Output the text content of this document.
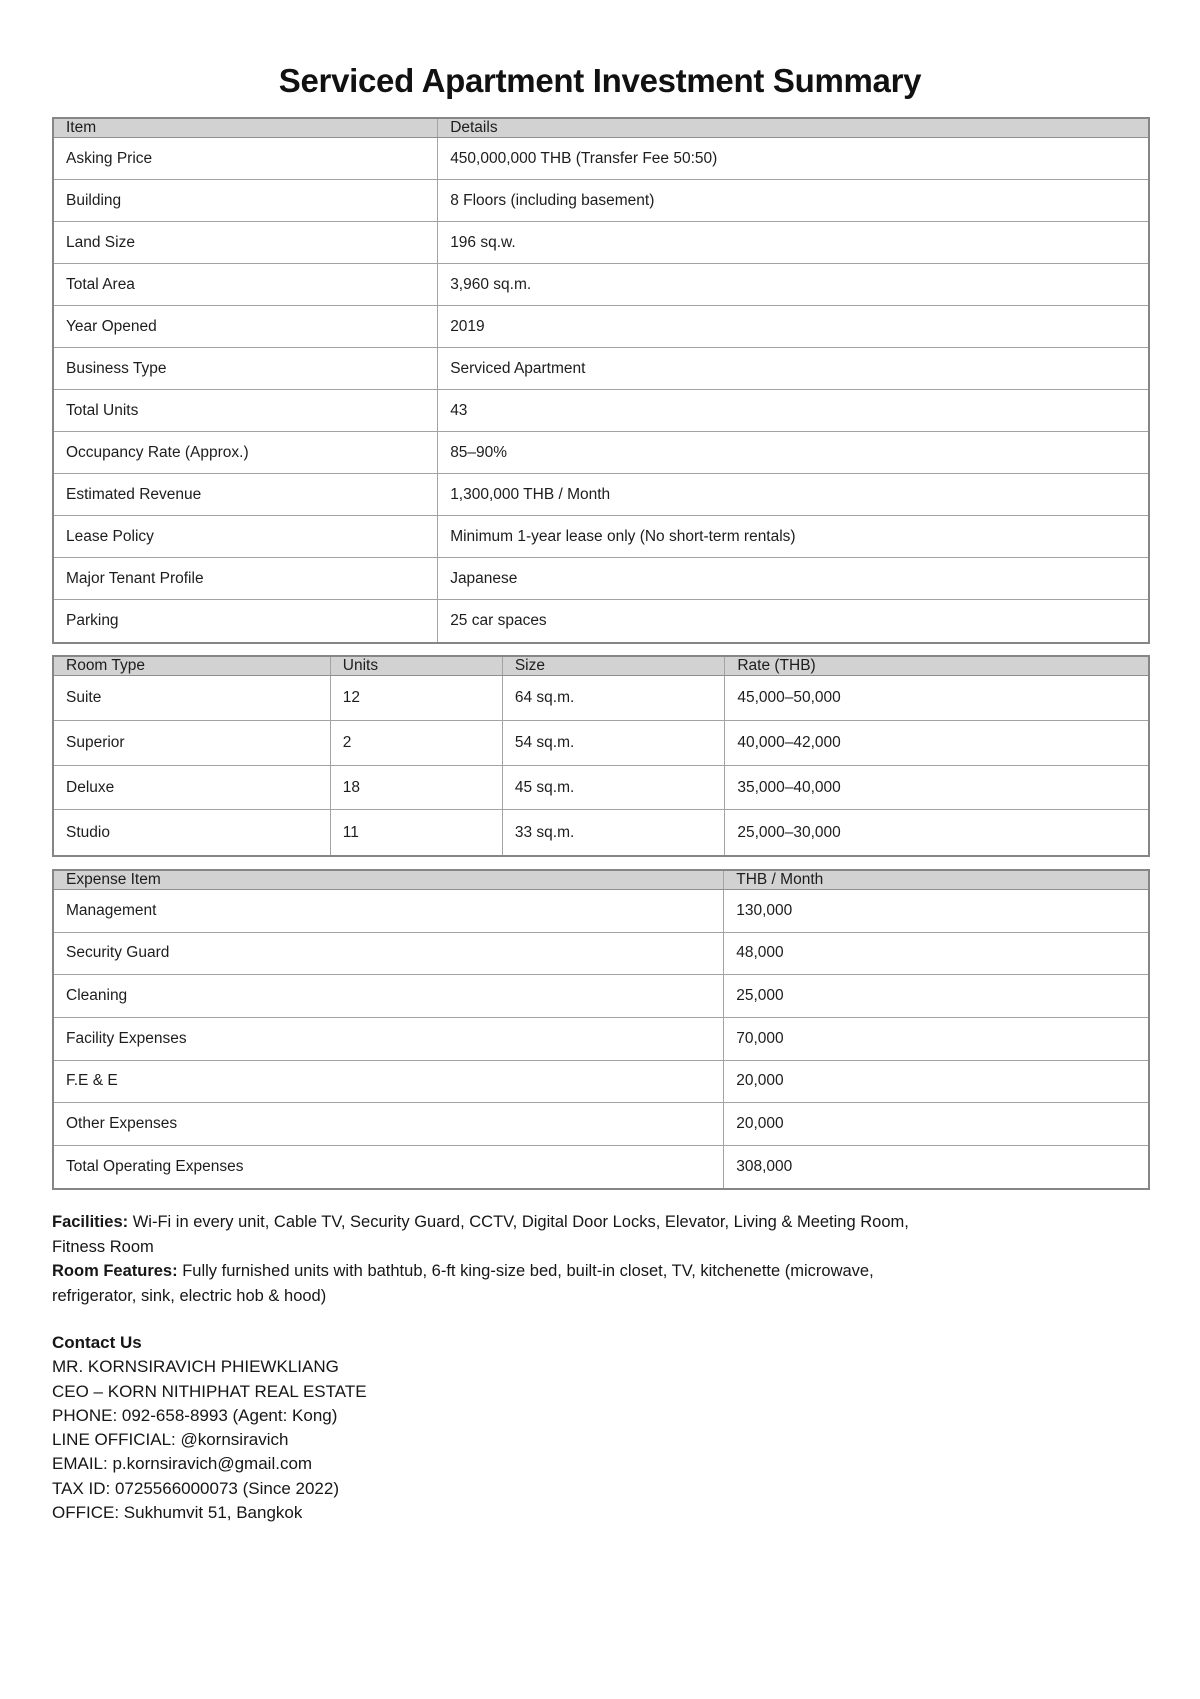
Serviced Apartment Investment Summary
Item	Details
Asking Price	450,000,000 THB (Transfer Fee 50:50)
Building	8 Floors (including basement)
Land Size	196 sq.w.
Total Area	3,960 sq.m.
Year Opened	2019
Business Type	Serviced Apartment
Total Units	43
Occupancy Rate (Approx.)	85–90%
Estimated Revenue	1,300,000 THB / Month
Lease Policy	Minimum 1-year lease only (No short-term rentals)
Major Tenant Profile	Japanese
Parking	25 car spaces
Room Type	Units	Size	Rate (THB)
Suite	12	64 sq.m.	45,000–50,000
Superior	2	54 sq.m.	40,000–42,000
Deluxe	18	45 sq.m.	35,000–40,000
Studio	11	33 sq.m.	25,000–30,000
Expense Item	THB / Month
Management	130,000
Security Guard	48,000
Cleaning	25,000
Facility Expenses	70,000
F.E & E	20,000
Other Expenses	20,000
Total Operating Expenses	308,000
Facilities: Wi-Fi in every unit, Cable TV, Security Guard, CCTV, Digital Door Locks, Elevator, Living & Meeting Room,
Fitness Room
Room Features: Fully furnished units with bathtub, 6-ft king-size bed, built-in closet, TV, kitchenette (microwave,
refrigerator, sink, electric hob & hood)
Contact Us
MR. KORNSIRAVICH PHIEWKLIANG
CEO – KORN NITHIPHAT REAL ESTATE
PHONE: 092-658-8993 (Agent: Kong)
LINE OFFICIAL: @kornsiravich
EMAIL: p.kornsiravich@gmail.com
TAX ID: 0725566000073 (Since 2022)
OFFICE: Sukhumvit 51, Bangkok
